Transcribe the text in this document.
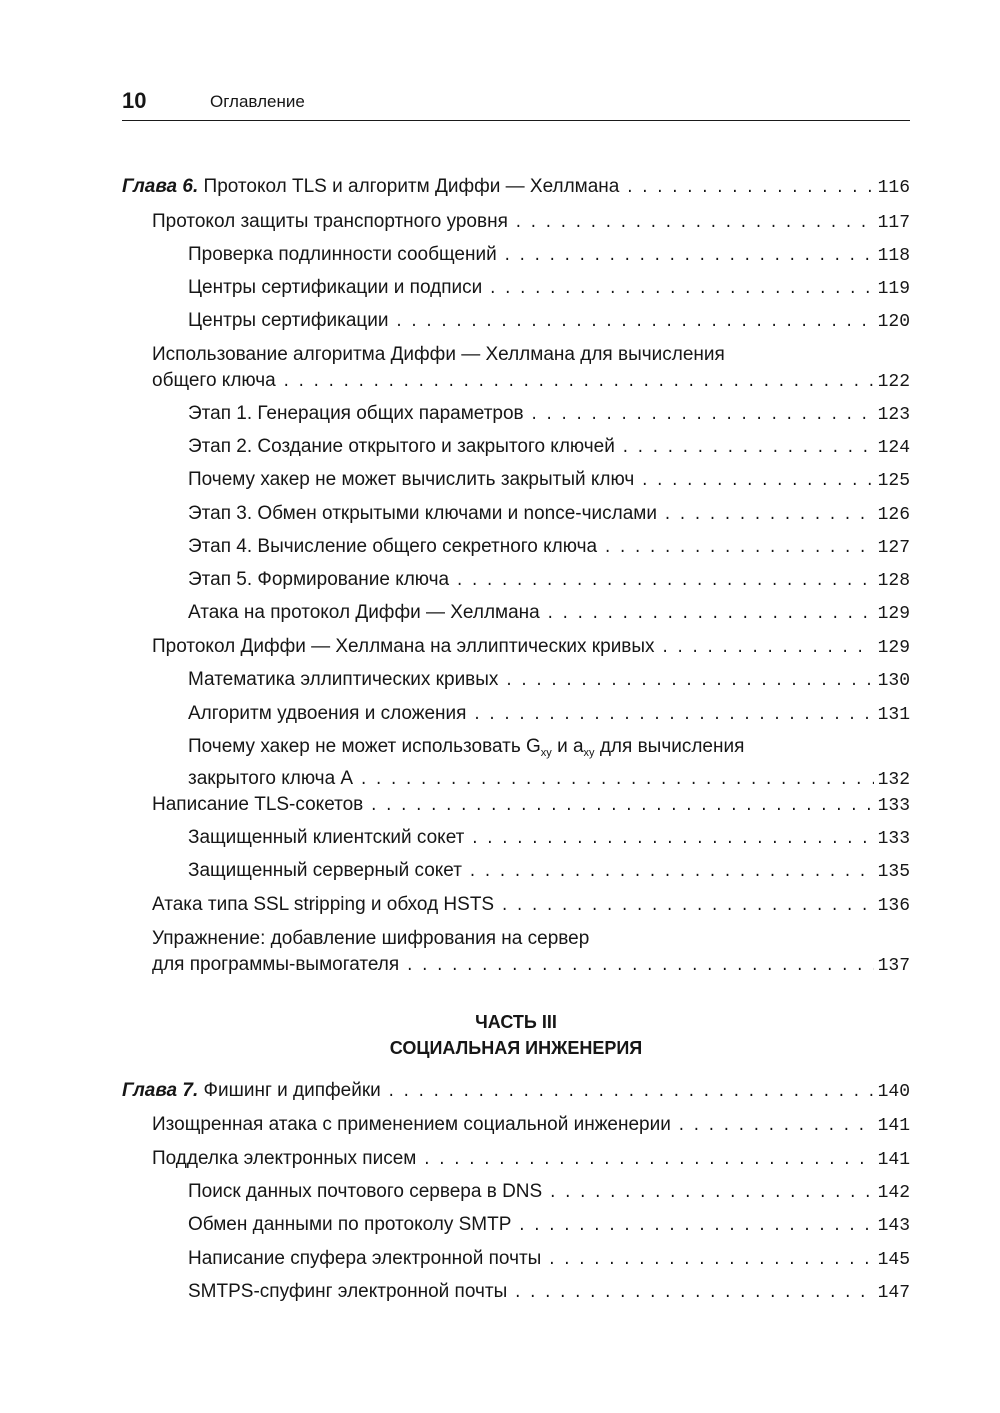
10	Оглавление
Глава 6. Протокол TLS и алгоритм Диффи — Хеллмана . . .	116
Протокол защиты транспортного уровня . . .	117
Проверка подлинности сообщений . . .	118
Центры сертификации и подписи . . .	119
Центры сертификации . . .	120
Использование алгоритма Диффи — Хеллмана для вычисления
общего ключа . . .	122
Этап 1. Генерация общих параметров . . .	123
Этап 2. Создание открытого и закрытого ключей . . .	124
Почему хакер не может вычислить закрытый ключ . . .	125
Этап 3. Обмен открытыми ключами и nonce-числами . . .	126
Этап 4. Вычисление общего секретного ключа . . .	127
Этап 5. Формирование ключа . . .	128
Атака на протокол Диффи — Хеллмана . . .	129
Протокол Диффи — Хеллмана на эллиптических кривых . . .	129
Математика эллиптических кривых . . .	130
Алгоритм удвоения и сложения . . .	131
Почему хакер не может использовать $G_{xy}$ и $a_{xy}$ для вычисления
закрытого ключа A . . .	132
Написание TLS-сокетов . . .	133
Защищенный клиентский сокет . . .	133
Защищенный серверный сокет . . .	135
Атака типа SSL stripping и обход HSTS . . .	136
Упражнение: добавление шифрования на сервер
для программы-вымогателя . . .	137
ЧАСТЬ III
СОЦИАЛЬНАЯ ИНЖЕНЕРИЯ
Глава 7. Фишинг и дипфейки . . .	140
Изощренная атака с применением социальной инженерии . . .	141
Подделка электронных писем . . .	141
Поиск данных почтового сервера в DNS . . .	142
Обмен данными по протоколу SMTP . . .	143
Написание спуфера электронной почты . . .	145
SMTPS-спуфинг электронной почты . . .	147
